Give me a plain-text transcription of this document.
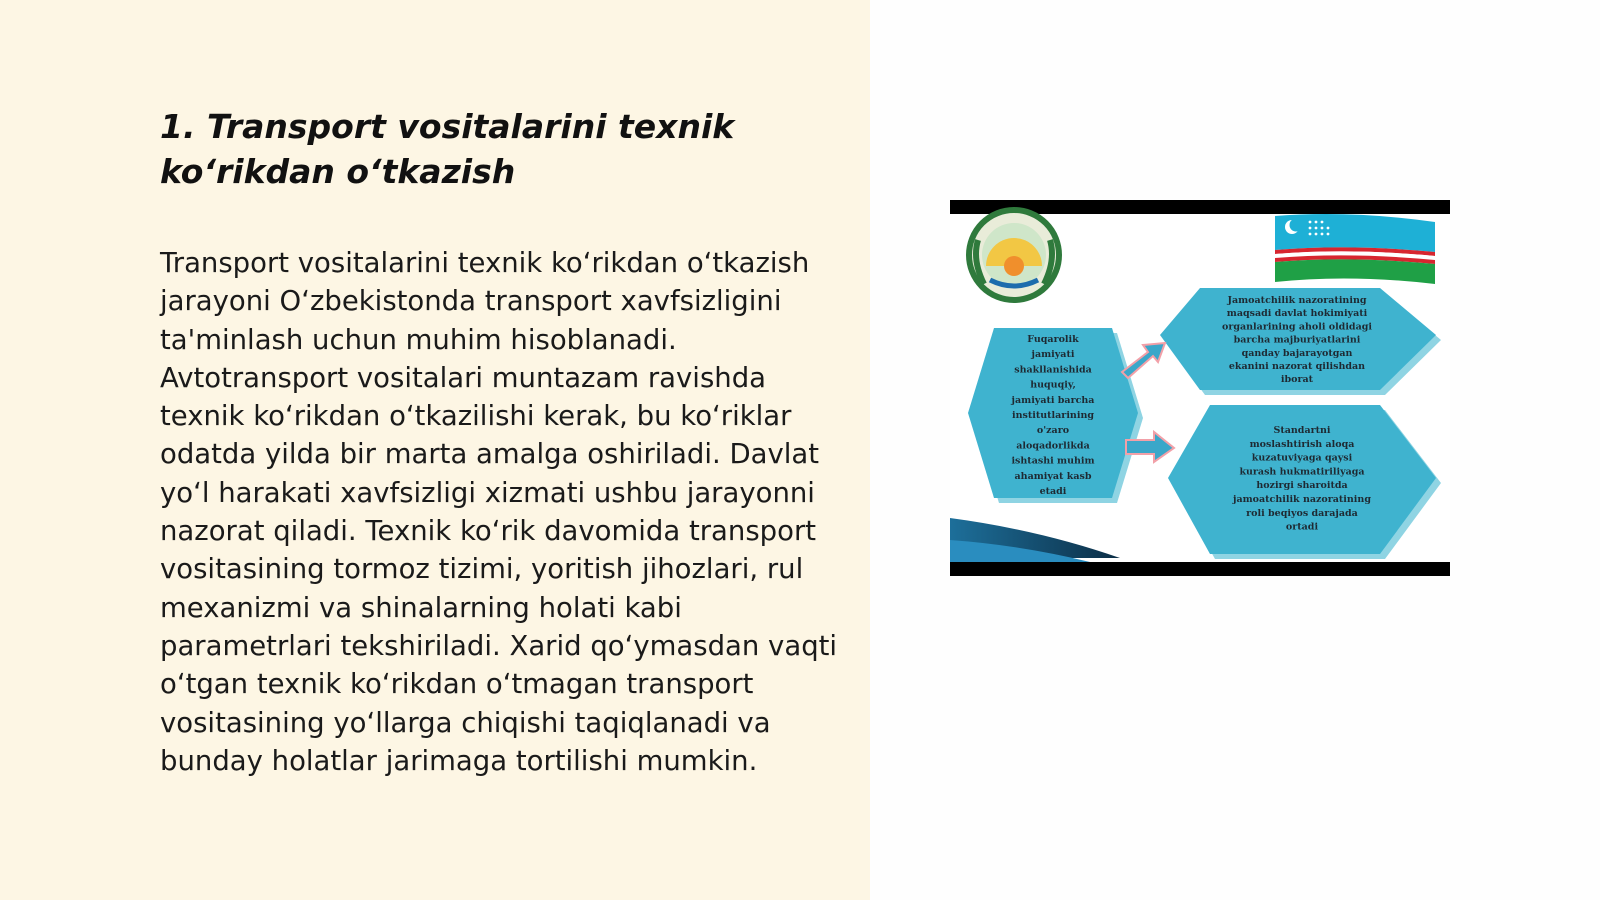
1. Transport vositalarini texnik koʻrikdan oʻtkazish

Transport vositalarini texnik koʻrikdan oʻtkazish jarayoni Oʻzbekistonda transport xavfsizligini ta'minlash uchun muhim hisoblanadi. Avtotransport vositalari muntazam ravishda texnik koʻrikdan oʻtkazilishi kerak, bu koʻriklar odatda yilda bir marta amalga oshiriladi. Davlat yoʻl harakati xavfsizligi xizmati ushbu jarayonni nazorat qiladi. Texnik koʻrik davomida transport vositasining tormoz tizimi, yoritish jihozlari, rul mexanizmi va shinalarning holati kabi parametrlari tekshiriladi. Xarid qoʻymasdan vaqti oʻtgan texnik koʻrikdan oʻtmagan transport vositasining yoʻllarga chiqishi taqiqlanadi va bunday holatlar jarimaga tortilishi mumkin.

Fuqarolik jamiyati shakllanishida huquqiy, jamiyati barcha institutlarining o'zaro aloqadorlikda ishtashi muhim ahamiyat kasb etadi
Jamoatchilik nazoratining maqsadi davlat hokimiyati organlarining aholi oldidagi barcha majburiyatlarini qanday bajarayotgan ekanini nazorat qilishdan iborat
Standartni moslashtirish aloqa kuzatuviyaga qaysi kurash hukmatiriliyaga hozirgi sharoitda jamoatchilik nazoratining roli beqiyos darajada ortadi
